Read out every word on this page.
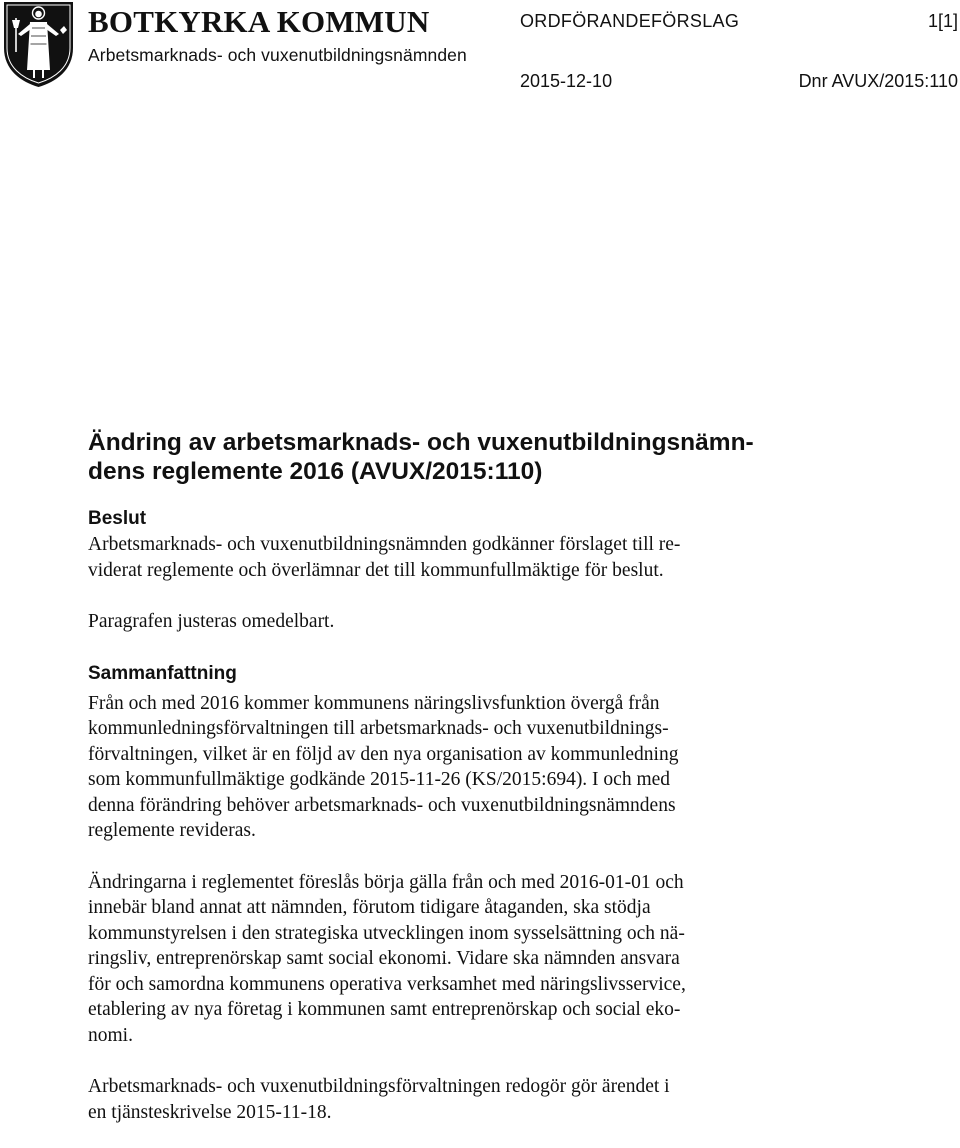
BOTKYRKA KOMMUN
Arbetsmarknads- och vuxenutbildningsnämnden
ORDFÖRANDEFÖRSLAG	1[1]
2015-12-10	Dnr AVUX/2015:110
Ändring av arbetsmarknads- och vuxenutbildningsnämn-
dens reglemente 2016 (AVUX/2015:110)
Beslut

Arbetsmarknads- och vuxenutbildningsnämnden godkänner förslaget till re-
viderat reglemente och överlämnar det till kommunfullmäktige för beslut.

Paragrafen justeras omedelbart.

Sammanfattning

Från och med 2016 kommer kommunens näringslivsfunktion övergå från
kommunledningsförvaltningen till arbetsmarknads- och vuxenutbildnings-
förvaltningen, vilket är en följd av den nya organisation av kommunledning
som kommunfullmäktige godkände 2015-11-26 (KS/2015:694). I och med
denna förändring behöver arbetsmarknads- och vuxenutbildningsnämndens
reglemente revideras.

Ändringarna i reglementet föreslås börja gälla från och med 2016-01-01 och
innebär bland annat att nämnden, förutom tidigare åtaganden, ska stödja
kommunstyrelsen i den strategiska utvecklingen inom sysselsättning och nä-
ringsliv, entreprenörskap samt social ekonomi. Vidare ska nämnden ansvara
för och samordna kommunens operativa verksamhet med näringslivsservice,
etablering av nya företag i kommunen samt entreprenörskap och social eko-
nomi.

Arbetsmarknads- och vuxenutbildningsförvaltningen redogör gör ärendet i
en tjänsteskrivelse 2015-11-18.
